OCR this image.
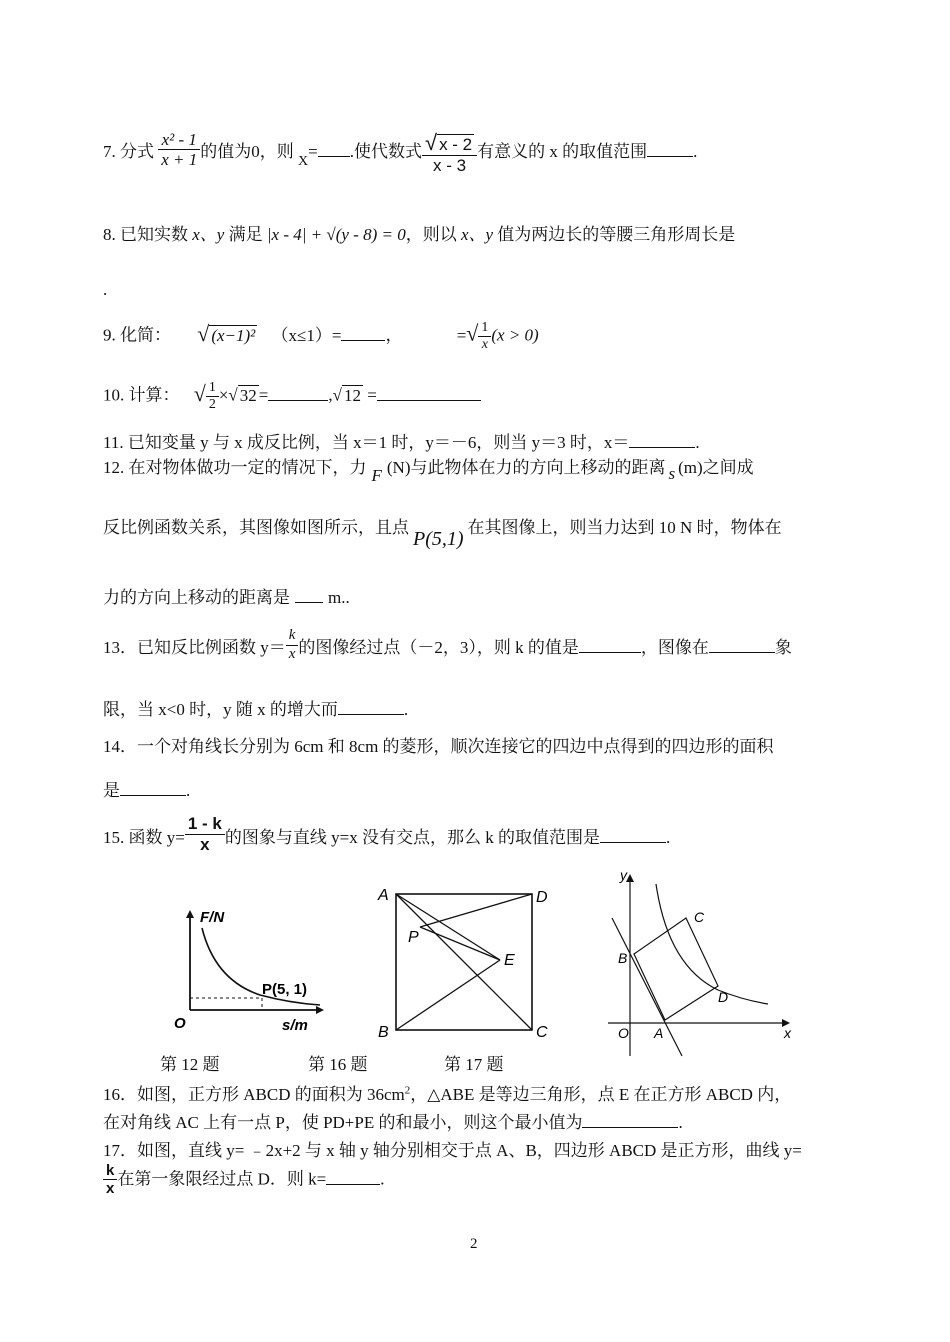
7. 分式 $\frac{\text{x² - 1}}{x + 1}$ 的值为0，则 $_X$= .使代数式 $\frac{√ x - 2}{x - 3}$ 有意义的 x 的取值范围	.
8. 已知实数 x、y 满足 |x - 4| + √(y - 8) = 0，则以 x、y 值为两边长的等腰三角形周长是
.
9. 化简： √ (x−1)² （x≤1）=	，	=√ $\frac{1}{x} (x > 0)$
10. 计算： √ $\frac{1}{2}$ ×√ 32 =	,√ 12 =
11. 已知变量 y 与 x 成反比例，当 x＝1 时，y＝－6，则当 y＝3 时，x＝	.
12. 在对物体做功一定的情况下，力 F (N)与此物体在力的方向上移动的距离 s (m)之间成
反比例函数关系，其图像如图所示，且点P(5,1)在其图像上，则当力达到 10 N 时，物体在
力的方向上移动的距离是 m..
13．已知反比例函数 $y= \frac{k}{x}$ 的图像经过点（－2，3），则 k 的值是	，图像在	象
限，当 x<0 时，y 随 x 的增大而	.
14．一个对角线长分别为 6cm 和 8cm 的菱形，顺次连接它的四边中点得到的四边形的面积
是	.
15. 函数 $y= \frac{1 - k}{x}$ 的图象与直线 y=x 没有交点，那么 k 的取值范围是	.
F/N
O	s/m
P(5, 1)
A	D
B	C
P
E
y
x
O A
B
C
D
第 12 题	第 16 题	第 17 题
16．如图，正方形 ABCD 的面积为 $36cm^2$，△ABE 是等边三角形，点 E 在正方形 ABCD 内，
在对角线 AC 上有一点 P，使 PD+PE 的和最小，则这个最小值为	.
17．如图，直线 y= ﹣2x+2 与 x 轴 y 轴分别相交于点 A、B，四边形 ABCD 是正方形，曲线 y=
$\frac{k}{x}$ 在第一象限经过点 D．则 k=	.
2
